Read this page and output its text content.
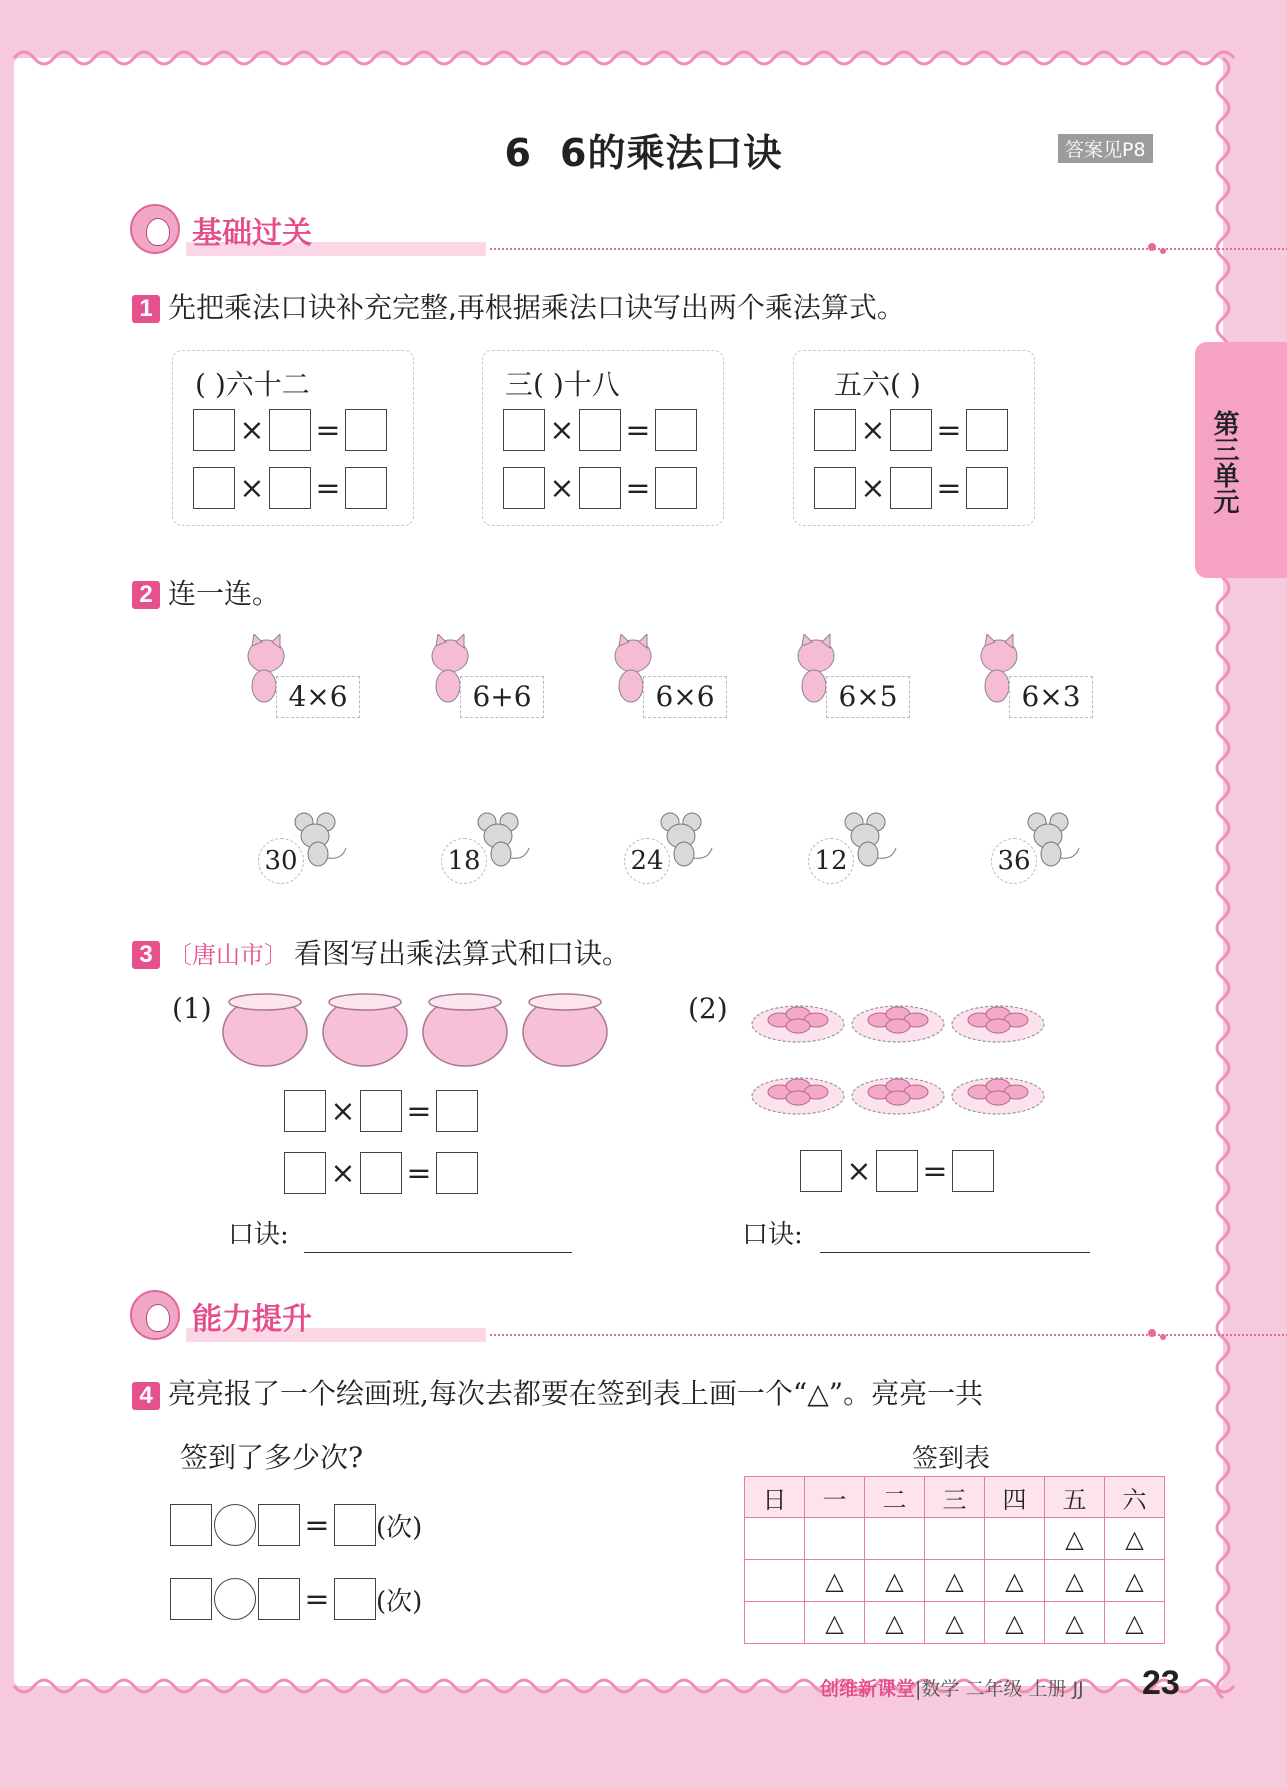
6 6的乘法口诀	答案见P8
第三单元
基础过关
1 先把乘法口诀补充完整,再根据乘法口诀写出两个乘法算式。
( )六十二
× =
× =
三( )十八
× =
× =
五六( )
× =
× =
2 连一连。
4×6	6+6	6×6	6×5	6×3
30	18	24	12	36
3 〔唐山市〕 看图写出乘法算式和口诀。
(1)
× =
× =
口诀:
(2)
× =
口诀:
能力提升
4 亮亮报了一个绘画班,每次去都要在签到表上画一个“△”。亮亮一共
签到了多少次?
= (次)
= (次)
签到表
日	一	二	三	四	五	六
					△	△
	△	△	△	△	△	△
	△	△	△	△	△	△
创维新课堂|数学 二年级 上册 JJ 23
